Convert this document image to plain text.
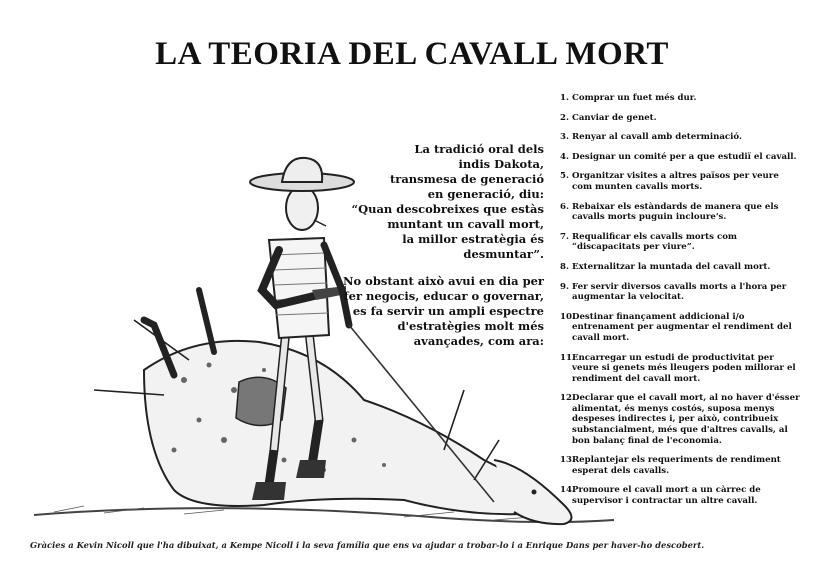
LA TEORIA DEL CAVALL MORT

La tradició oral dels
indis Dakota,
transmesa de generació
en generació, diu:
“Quan descobreixes que estàs
muntant un cavall mort,
la millor estratègia és desmuntar”.

No obstant això avui en dia per
fer negocis, educar o governar,
es fa servir un ampli espectre
d'estratègies molt més
avançades, com ara:

1. Comprar un fuet més dur.
2. Canviar de genet.
3. Renyar al cavall amb determinació.
4. Designar un comité per a que estudiï el cavall.
5. Organitzar visites a altres països per veure com munten cavalls morts.
6. Rebaixar els estàndards de manera que els cavalls morts puguin incloure's.
7. Requalificar els cavalls morts com “discapacitats per viure”.
8. Externalitzar la muntada del cavall mort.
9. Fer servir diversos cavalls morts a l'hora per augmentar la velocitat.
10.
Destinar finançament addicional i/o entrenament per augmentar el rendiment del cavall mort.
11.
Encarregar un estudi de productivitat per veure si genets més lleugers poden millorar el rendiment del cavall mort.
12.
Declarar que el cavall mort, al no haver d'ésser alimentat, és menys costós, suposa menys despeses indirectes i, per això, contribueix substancialment, més que d'altres cavalls, al bon balanç final de l'economia.
13.
Replantejar els requeriments de rendiment esperat dels cavalls.
14.
Promoure el cavall mort a un càrrec de supervisor i contractar un altre cavall.
Gràcies a Kevin Nicoll que l'ha dibuixat, a Kempe Nicoll i la seva família que ens va ajudar a trobar-lo i a Enrique Dans per haver-ho descobert.
